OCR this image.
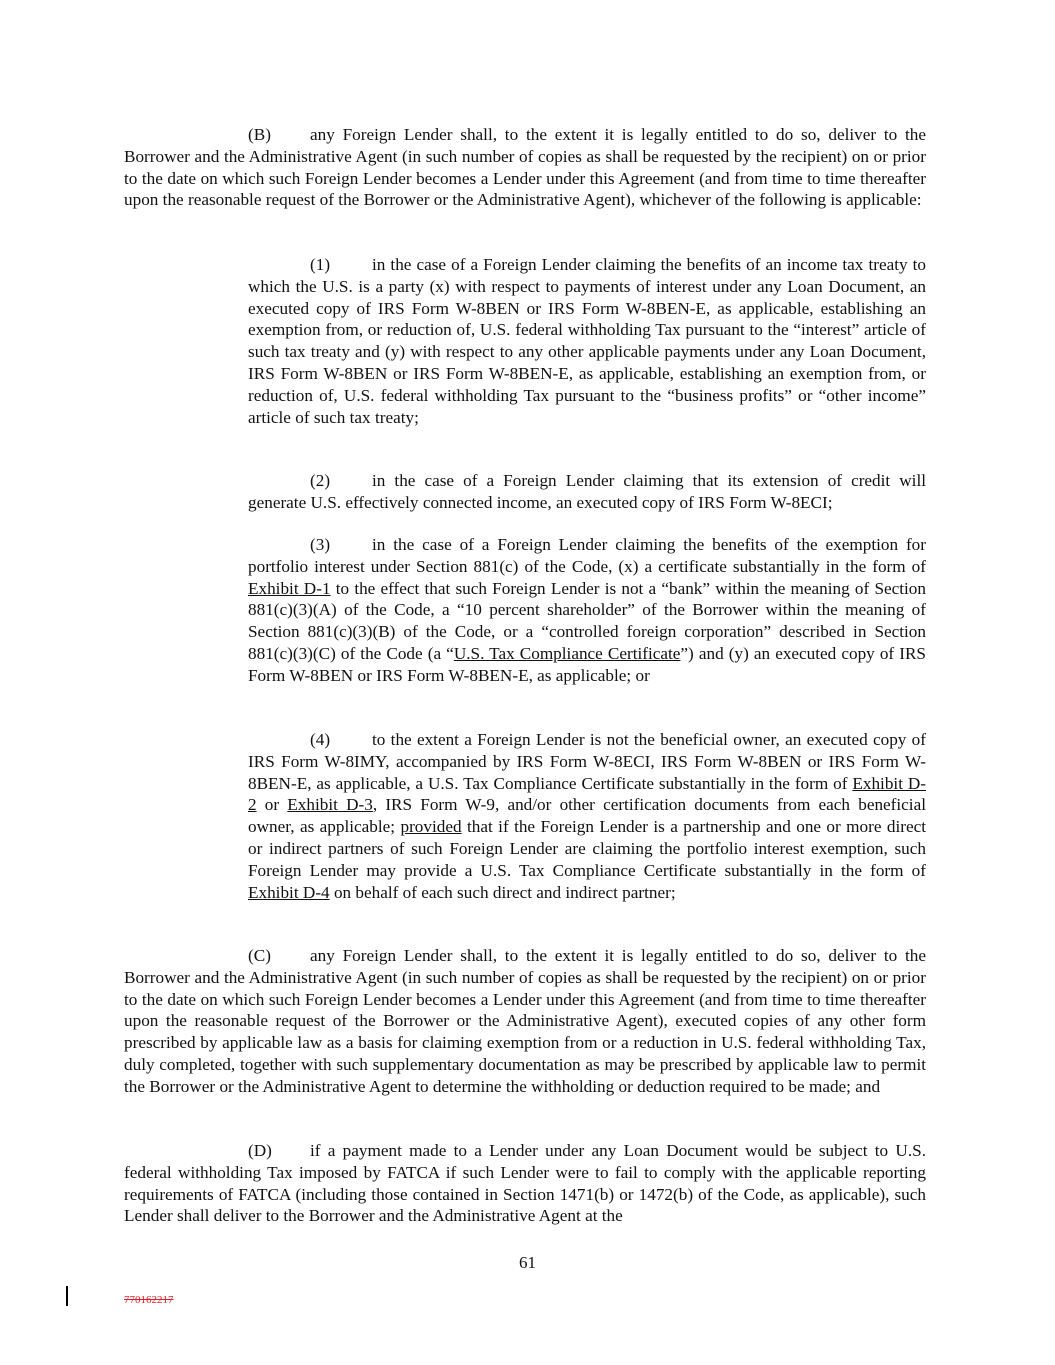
(B) any Foreign Lender shall, to the extent it is legally entitled to do so, deliver to the Borrower and the Administrative Agent (in such number of copies as shall be requested by the recipient) on or prior to the date on which such Foreign Lender becomes a Lender under this Agreement (and from time to time thereafter upon the reasonable request of the Borrower or the Administrative Agent), whichever of the following is applicable:

(1) in the case of a Foreign Lender claiming the benefits of an income tax treaty to which the U.S. is a party (x) with respect to payments of interest under any Loan Document, an executed copy of IRS Form W-8BEN or IRS Form W-8BEN-E, as applicable, establishing an exemption from, or reduction of, U.S. federal withholding Tax pursuant to the “interest” article of such tax treaty and (y) with respect to any other applicable payments under any Loan Document, IRS Form W-8BEN or IRS Form W-8BEN-E, as applicable, establishing an exemption from, or reduction of, U.S. federal withholding Tax pursuant to the “business profits” or “other income” article of such tax treaty;

(2) in the case of a Foreign Lender claiming that its extension of credit will generate U.S. effectively connected income, an executed copy of IRS Form W-8ECI;

(3) in the case of a Foreign Lender claiming the benefits of the exemption for portfolio interest under Section 881(c) of the Code, (x) a certificate substantially in the form of Exhibit D-1 to the effect that such Foreign Lender is not a “bank” within the meaning of Section 881(c)(3)(A) of the Code, a “10 percent shareholder” of the Borrower within the meaning of Section 881(c)(3)(B) of the Code, or a “controlled foreign corporation” described in Section 881(c)(3)(C) of the Code (a “U.S. Tax Compliance Certificate”) and (y) an executed copy of IRS Form W-8BEN or IRS Form W-8BEN-E, as applicable; or

(4) to the extent a Foreign Lender is not the beneficial owner, an executed copy of IRS Form W-8IMY, accompanied by IRS Form W-8ECI, IRS Form W-8BEN or IRS Form W-8BEN-E, as applicable, a U.S. Tax Compliance Certificate substantially in the form of Exhibit D-2 or Exhibit D-3, IRS Form W-9, and/or other certification documents from each beneficial owner, as applicable; provided that if the Foreign Lender is a partnership and one or more direct or indirect partners of such Foreign Lender are claiming the portfolio interest exemption, such Foreign Lender may provide a U.S. Tax Compliance Certificate substantially in the form of Exhibit D-4 on behalf of each such direct and indirect partner;

(C) any Foreign Lender shall, to the extent it is legally entitled to do so, deliver to the Borrower and the Administrative Agent (in such number of copies as shall be requested by the recipient) on or prior to the date on which such Foreign Lender becomes a Lender under this Agreement (and from time to time thereafter upon the reasonable request of the Borrower or the Administrative Agent), executed copies of any other form prescribed by applicable law as a basis for claiming exemption from or a reduction in U.S. federal withholding Tax, duly completed, together with such supplementary documentation as may be prescribed by applicable law to permit the Borrower or the Administrative Agent to determine the withholding or deduction required to be made; and

(D) if a payment made to a Lender under any Loan Document would be subject to U.S. federal withholding Tax imposed by FATCA if such Lender were to fail to comply with the applicable reporting requirements of FATCA (including those contained in Section 1471(b) or 1472(b) of the Code, as applicable), such Lender shall deliver to the Borrower and the Administrative Agent at the

61
770162217
